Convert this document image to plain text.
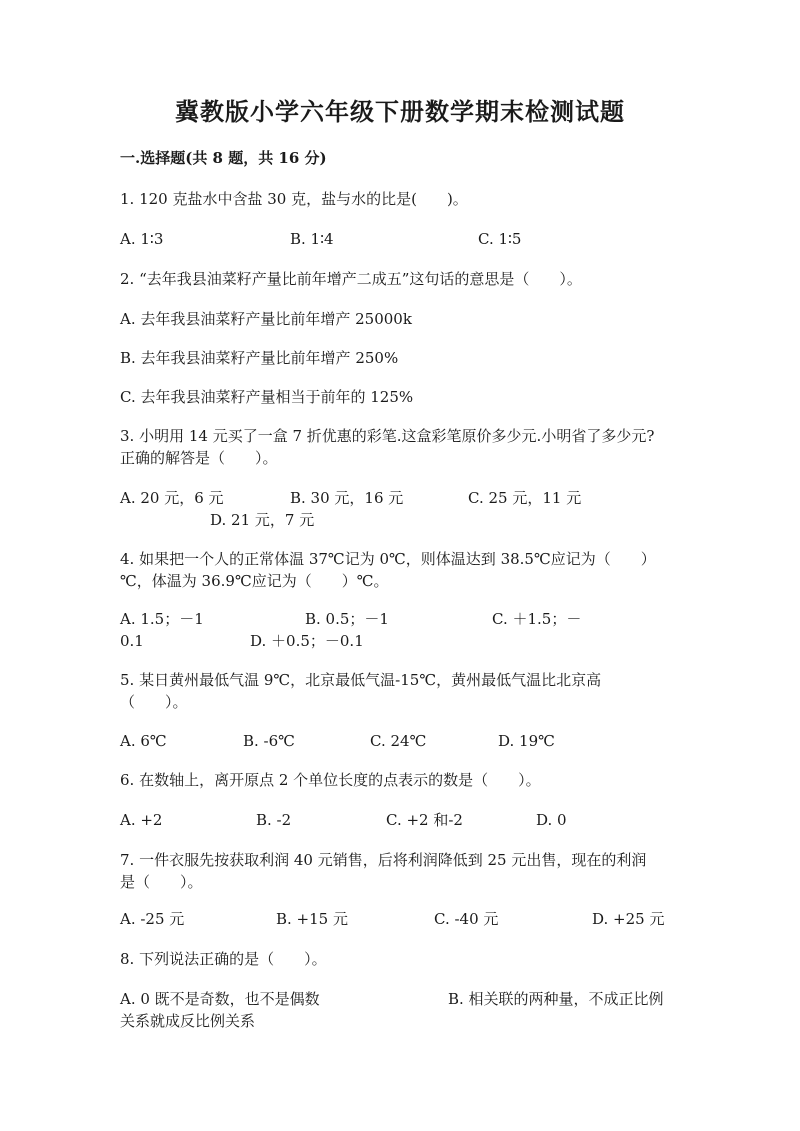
冀教版小学六年级下册数学期末检测试题
一.选择题(共 8 题，共 16 分)
1. 120 克盐水中含盐 30 克，盐与水的比是(　　)。
A. 1∶3	B. 1∶4	C. 1∶5
2. “去年我县油菜籽产量比前年增产二成五”这句话的意思是（　　）。
A. 去年我县油菜籽产量比前年增产 25000k
B. 去年我县油菜籽产量比前年增产 250%
C. 去年我县油菜籽产量相当于前年的 125%
3. 小明用 14 元买了一盒 7 折优惠的彩笔.这盒彩笔原价多少元.小明省了多少元?
正确的解答是（　　）。
A. 20 元，6 元	B. 30 元，16 元	C. 25 元，11 元
D. 21 元，7 元
4. 如果把一个人的正常体温 37℃记为 0℃，则体温达到 38.5℃应记为（　　）
℃，体温为 36.9℃应记为（　　）℃。
A. 1.5；－1	B. 0.5；－1	C. ＋1.5；－
0.1	D. ＋0.5；－0.1
5. 某日黄州最低气温 9℃，北京最低气温-15℃，黄州最低气温比北京高
（　　）。
A. 6℃	B. -6℃	C. 24℃	D. 19℃
6. 在数轴上，离开原点 2 个单位长度的点表示的数是（　　）。
A. +2	B. -2	C. +2 和-2	D. 0
7. 一件衣服先按获取利润 40 元销售，后将利润降低到 25 元出售，现在的利润
是（　　）。
A. -25 元	B. +15 元	C. -40 元	D. +25 元
8. 下列说法正确的是（　　）。
A. 0 既不是奇数，也不是偶数	B. 相关联的两种量，不成正比例
关系就成反比例关系
